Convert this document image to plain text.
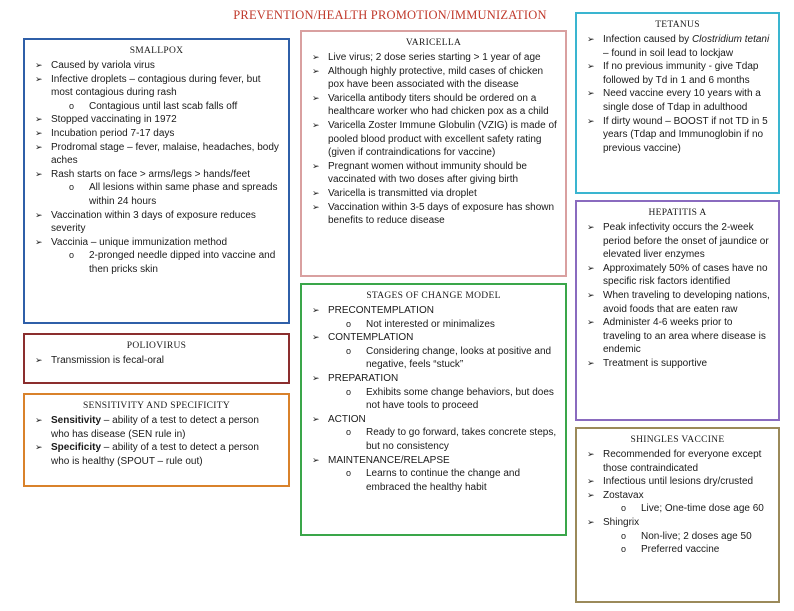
PREVENTION/HEALTH PROMOTION/IMMUNIZATION
SMALLPOX
➢ Caused by variola virus
➢ Infective droplets – contagious during fever, but most contagious during rash
o Contagious until last scab falls off
➢ Stopped vaccinating in 1972
➢ Incubation period 7-17 days
➢ Prodromal stage – fever, malaise, headaches, body aches
➢ Rash starts on face > arms/legs > hands/feet
o All lesions within same phase and spreads within 24 hours
➢ Vaccination within 3 days of exposure reduces severity
➢ Vaccinia – unique immunization method
o 2-pronged needle dipped into vaccine and then pricks skin
POLIOVIRUS
➢ Transmission is fecal-oral
SENSITIVITY AND SPECIFICITY
➢ Sensitivity – ability of a test to detect a person who has disease (SEN rule in)
➢ Specificity – ability of a test to detect a person who is healthy (SPOUT – rule out)
VARICELLA
➢ Live virus; 2 dose series starting > 1 year of age
➢ Although highly protective, mild cases of chicken pox have been associated with the disease
➢ Varicella antibody titers should be ordered on a healthcare worker who had chicken pox as a child
➢ Varicella Zoster Immune Globulin (VZIG) is made of pooled blood product with excellent safety rating (given if contraindications for vaccine)
➢ Pregnant women without immunity should be vaccinated with two doses after giving birth
➢ Varicella is transmitted via droplet
➢ Vaccination within 3-5 days of exposure has shown benefits to reduce disease
STAGES OF CHANGE MODEL
➢ PRECONTEMPLATION
o Not interested or minimalizes
➢ CONTEMPLATION
o Considering change, looks at positive and negative, feels “stuck”
➢ PREPARATION
o Exhibits some change behaviors, but does not have tools to proceed
➢ ACTION
o Ready to go forward, takes concrete steps, but no consistency
➢ MAINTENANCE/RELAPSE
o Learns to continue the change and embraced the healthy habit
TETANUS
➢ Infection caused by Clostridium tetani – found in soil lead to lockjaw
➢ If no previous immunity - give Tdap followed by Td in 1 and 6 months
➢ Need vaccine every 10 years with a single dose of Tdap in adulthood
➢ If dirty wound – BOOST if not TD in 5 years (Tdap and Immunoglobin if no previous vaccine)
HEPATITIS A
➢ Peak infectivity occurs the 2-week period before the onset of jaundice or elevated liver enzymes
➢ Approximately 50% of cases have no specific risk factors identified
➢ When traveling to developing nations, avoid foods that are eaten raw
➢ Administer 4-6 weeks prior to traveling to an area where disease is endemic
➢ Treatment is supportive
SHINGLES VACCINE
➢ Recommended for everyone except those contraindicated
➢ Infectious until lesions dry/crusted
➢ Zostavax
o Live; One-time dose age 60
➢ Shingrix
o Non-live; 2 doses age 50
o Preferred vaccine
